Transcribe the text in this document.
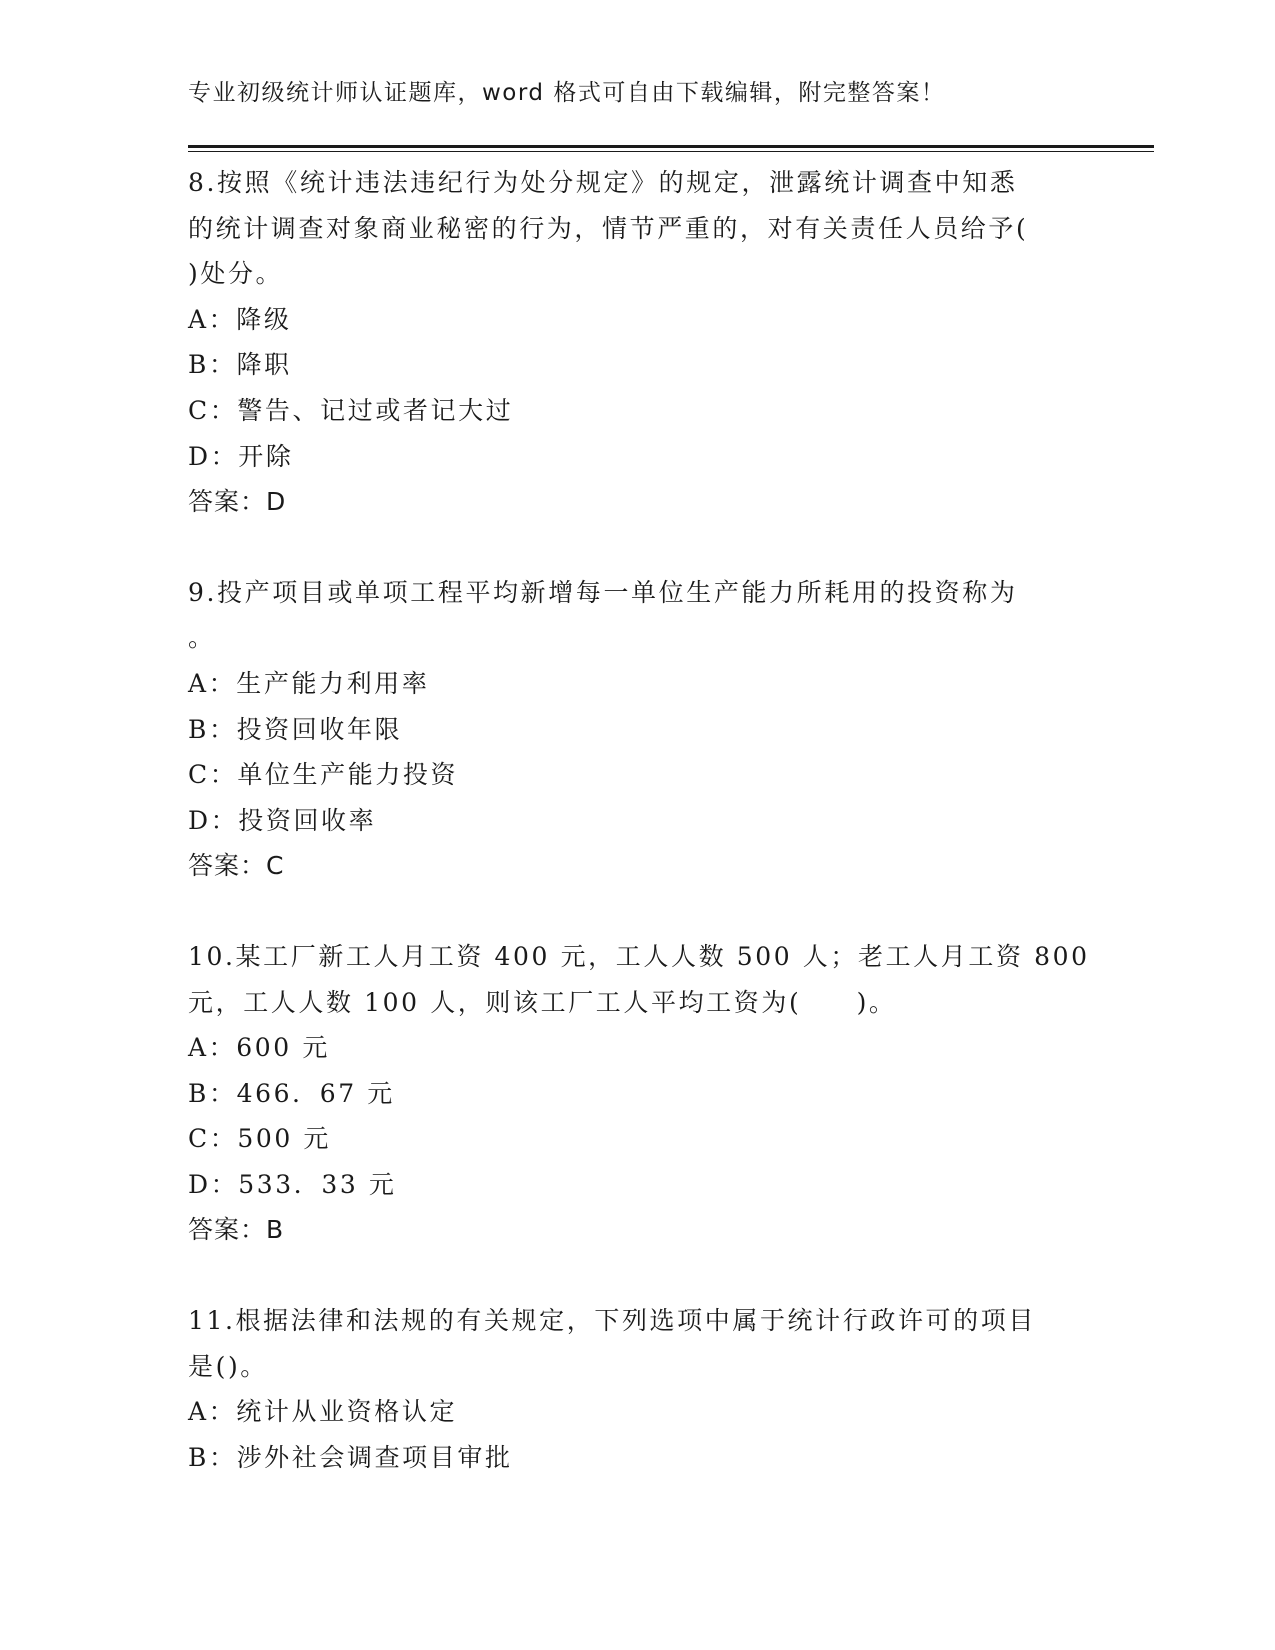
专业初级统计师认证题库，word 格式可自由下载编辑，附完整答案！

8.按照《统计违法违纪行为处分规定》的规定，泄露统计调查中知悉

的统计调查对象商业秘密的行为，情节严重的，对有关责任人员给予(

)处分。

A：降级

B：降职

C：警告、记过或者记大过

D：开除

答案：D

9.投产项目或单项工程平均新增每一单位生产能力所耗用的投资称为

。

A：生产能力利用率

B：投资回收年限

C：单位生产能力投资

D：投资回收率

答案：C

10.某工厂新工人月工资 400 元，工人人数 500 人；老工人月工资 800

元，工人人数 100 人，则该工厂工人平均工资为(　　)。

A：600 元

B：466．67 元

C：500 元

D：533．33 元

答案：B

11.根据法律和法规的有关规定，下列选项中属于统计行政许可的项目

是()。

A：统计从业资格认定

B：涉外社会调查项目审批
